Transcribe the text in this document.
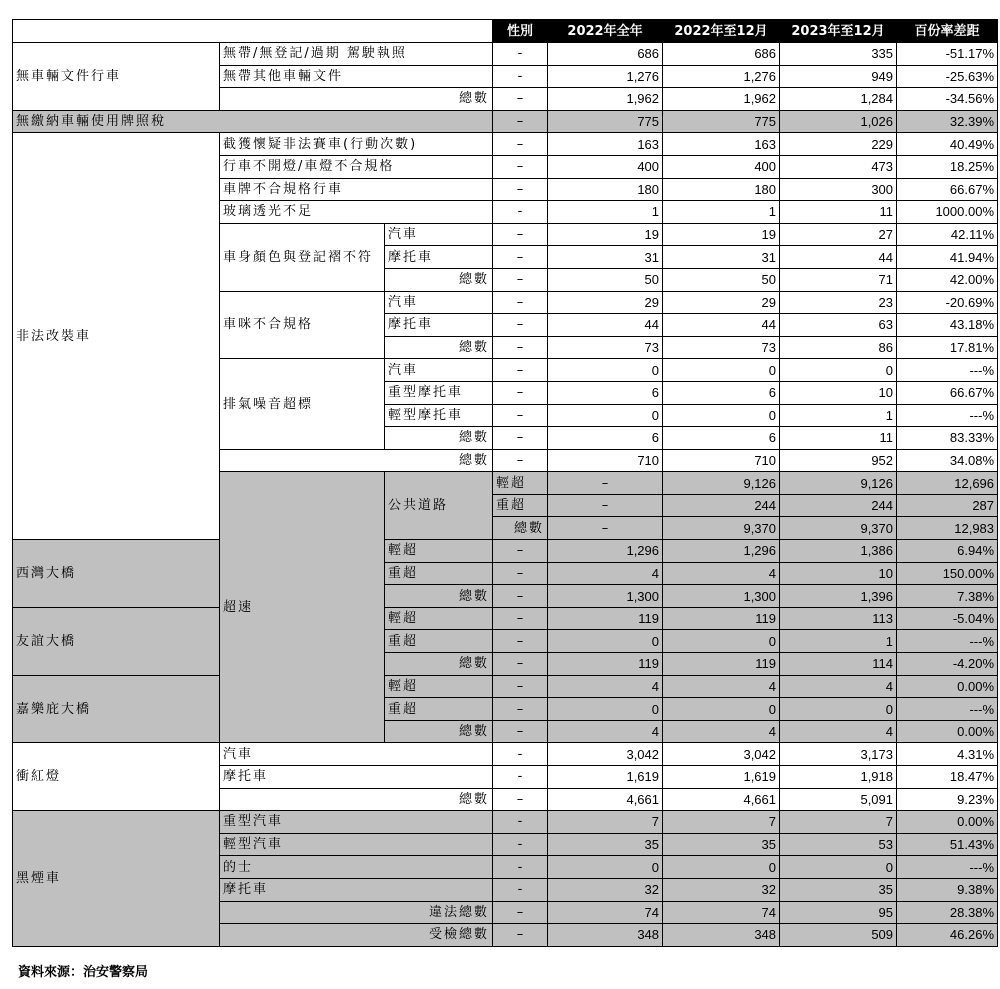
			性別	2022年全年	2022年至12月	2023年至12月	百份率差距	
無車輛文件行車	無帶/無登記/過期 駕駛執照		-	686	686	335	-51.17%	
	無帶其他車輛文件		-	1,276	1,276	949	-25.63%	
	總數		–	1,962	1,962	1,284	-34.56%	
無繳納車輛使用牌照稅			–	775	775	1,026	32.39%	
非法改裝車	截獲懷疑非法賽車(行動次數)		–	163	163	229	40.49%	
	行車不開燈/車燈不合規格		–	400	400	473	18.25%	
	車牌不合規格行車		–	180	180	300	66.67%	
	玻璃透光不足		-	1	1	11	1000.00%	
	車身顏色與登記褶不符	汽車	–	19	19	27	42.11%	
		摩托車	–	31	31	44	41.94%	
		總數	–	50	50	71	42.00%	
	車咪不合規格	汽車	–	29	29	23	-20.69%	
		摩托車	–	44	44	63	43.18%	
		總數	–	73	73	86	17.81%	
	排氣噪音超標	汽車	–	0	0	0	---%	
		重型摩托車	–	6	6	10	66.67%	
		輕型摩托車	–	0	0	1	---%	
		總數	–	6	6	11	83.33%	
	總數		–	710	710	952	34.08%	
	超速	公共道路	輕超	–	9,126	9,126	12,696	
			重超	–	244	244	287	
			總數	–	9,370	9,370	12,983	
西灣大橋		輕超	–	1,296	1,296	1,386	6.94%	
		重超	–	4	4	10	150.00%	
		總數	–	1,300	1,300	1,396	7.38%	
友誼大橋		輕超	–	119	119	113	-5.04%	
		重超	–	0	0	1	---%	
		總數	–	119	119	114	-4.20%	
嘉樂庇大橋		輕超	–	4	4	4	0.00%	
		重超	–	0	0	0	---%	
		總數	–	4	4	4	0.00%	
衝紅燈	汽車		-	3,042	3,042	3,173	4.31%	
	摩托車		-	1,619	1,619	1,918	18.47%	
	總數		–	4,661	4,661	5,091	9.23%	
黑煙車	重型汽車		-	7	7	7	0.00%	
	輕型汽車		-	35	35	53	51.43%	
	的士		-	0	0	0	---%	
	摩托車		-	32	32	35	9.38%	
	違法總數		–	74	74	95	28.38%	
	受檢總數		–	348	348	509	46.26%	
資料來源：治安警察局
